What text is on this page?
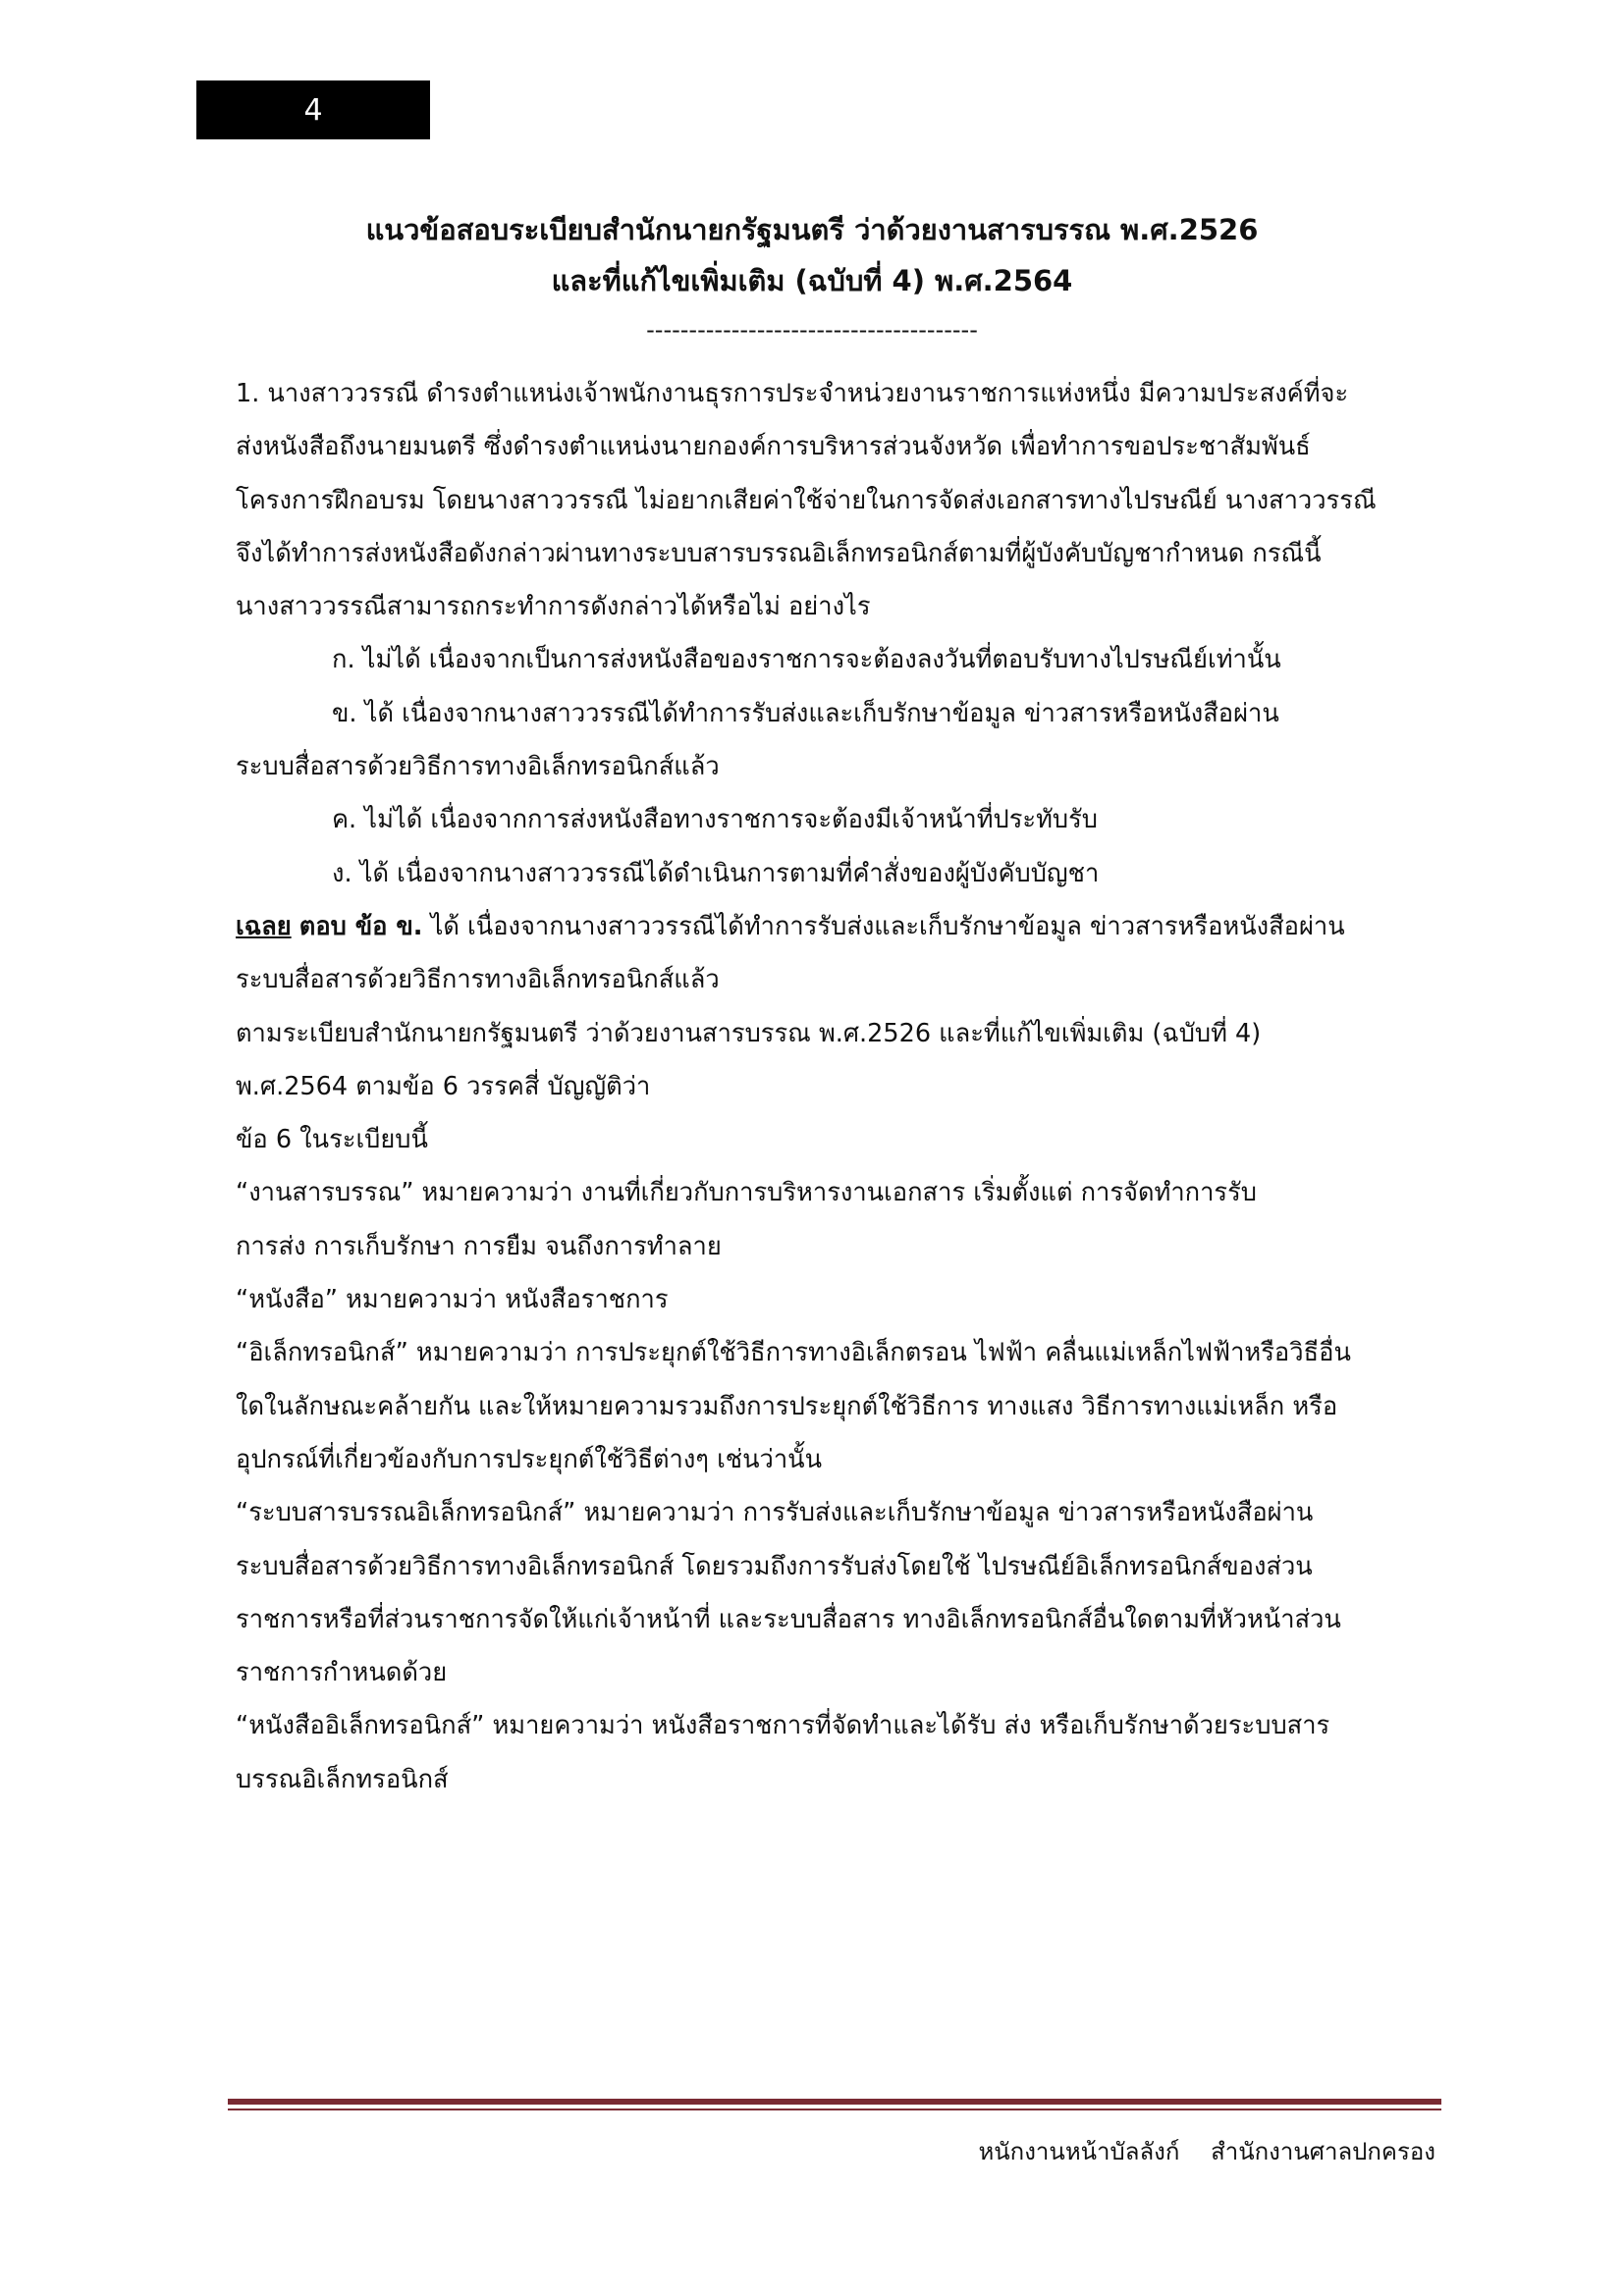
4
แนวข้อสอบระเบียบสำนักนายกรัฐมนตรี ว่าด้วยงานสารบรรณ พ.ศ.2526
และที่แก้ไขเพิ่มเติม (ฉบับที่ 4) พ.ศ.2564
---------------------------------------
1. นางสาววรรณี ดำรงตำแหน่งเจ้าพนักงานธุรการประจำหน่วยงานราชการแห่งหนึ่ง มีความประสงค์ที่จะ
ส่งหนังสือถึงนายมนตรี ซึ่งดำรงตำแหน่งนายกองค์การบริหารส่วนจังหวัด เพื่อทำการขอประชาสัมพันธ์
โครงการฝึกอบรม โดยนางสาววรรณี ไม่อยากเสียค่าใช้จ่ายในการจัดส่งเอกสารทางไปรษณีย์ นางสาววรรณี
จึงได้ทำการส่งหนังสือดังกล่าวผ่านทางระบบสารบรรณอิเล็กทรอนิกส์ตามที่ผู้บังคับบัญชากำหนด กรณีนี้
นางสาววรรณีสามารถกระทำการดังกล่าวได้หรือไม่ อย่างไร
ก. ไม่ได้ เนื่องจากเป็นการส่งหนังสือของราชการจะต้องลงวันที่ตอบรับทางไปรษณีย์เท่านั้น
ข. ได้ เนื่องจากนางสาววรรณีได้ทำการรับส่งและเก็บรักษาข้อมูล ข่าวสารหรือหนังสือผ่าน
ระบบสื่อสารด้วยวิธีการทางอิเล็กทรอนิกส์แล้ว
ค. ไม่ได้ เนื่องจากการส่งหนังสือทางราชการจะต้องมีเจ้าหน้าที่ประทับรับ
ง. ได้ เนื่องจากนางสาววรรณีได้ดำเนินการตามที่คำสั่งของผู้บังคับบัญชา
เฉลย ตอบ ข้อ ข. ได้ เนื่องจากนางสาววรรณีได้ทำการรับส่งและเก็บรักษาข้อมูล ข่าวสารหรือหนังสือผ่าน
ระบบสื่อสารด้วยวิธีการทางอิเล็กทรอนิกส์แล้ว
ตามระเบียบสำนักนายกรัฐมนตรี ว่าด้วยงานสารบรรณ พ.ศ.2526 และที่แก้ไขเพิ่มเติม (ฉบับที่ 4)
พ.ศ.2564 ตามข้อ 6 วรรคสี่ บัญญัติว่า
ข้อ 6 ในระเบียบนี้
“งานสารบรรณ” หมายความว่า งานที่เกี่ยวกับการบริหารงานเอกสาร เริ่มตั้งแต่ การจัดทำการรับ
การส่ง การเก็บรักษา การยืม จนถึงการทำลาย
“หนังสือ” หมายความว่า หนังสือราชการ
“อิเล็กทรอนิกส์” หมายความว่า การประยุกต์ใช้วิธีการทางอิเล็กตรอน ไฟฟ้า คลื่นแม่เหล็กไฟฟ้าหรือวิธีอื่น
ใดในลักษณะคล้ายกัน และให้หมายความรวมถึงการประยุกต์ใช้วิธีการ ทางแสง วิธีการทางแม่เหล็ก หรือ
อุปกรณ์ที่เกี่ยวข้องกับการประยุกต์ใช้วิธีต่างๆ เช่นว่านั้น
“ระบบสารบรรณอิเล็กทรอนิกส์” หมายความว่า การรับส่งและเก็บรักษาข้อมูล ข่าวสารหรือหนังสือผ่าน
ระบบสื่อสารด้วยวิธีการทางอิเล็กทรอนิกส์ โดยรวมถึงการรับส่งโดยใช้ ไปรษณีย์อิเล็กทรอนิกส์ของส่วน
ราชการหรือที่ส่วนราชการจัดให้แก่เจ้าหน้าที่ และระบบสื่อสาร ทางอิเล็กทรอนิกส์อื่นใดตามที่หัวหน้าส่วน
ราชการกำหนดด้วย
“หนังสืออิเล็กทรอนิกส์” หมายความว่า หนังสือราชการที่จัดทำและได้รับ ส่ง หรือเก็บรักษาด้วยระบบสาร
บรรณอิเล็กทรอนิกส์
หนักงานหน้าบัลลังก์ สำนักงานศาลปกครอง
